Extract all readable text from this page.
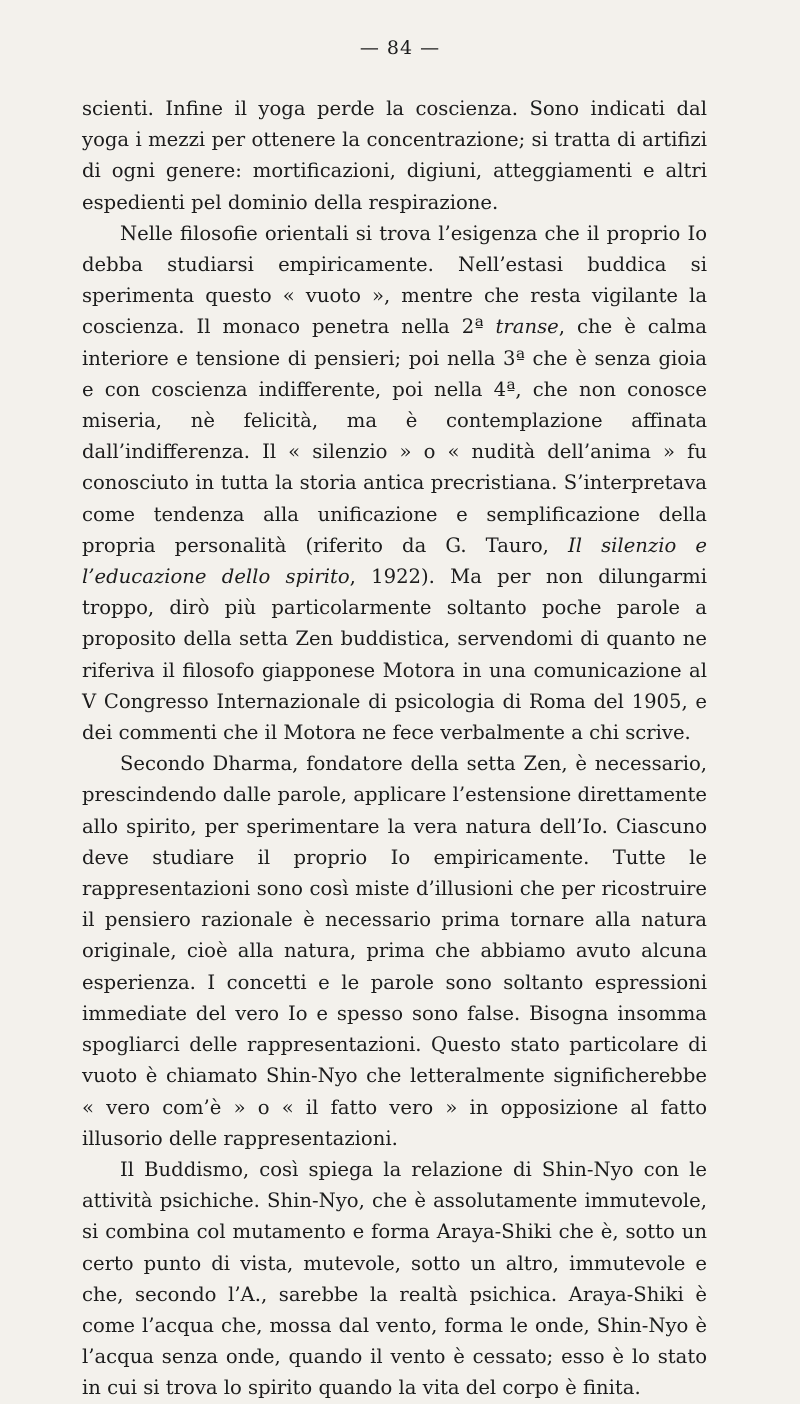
— 84 —

scienti. Infine il yoga perde la coscienza. Sono indicati dal yoga i mezzi per ottenere la concentrazione; si tratta di artifizi di ogni genere: mortificazioni, digiuni, atteggiamenti e altri espedienti pel dominio della respirazione.

Nelle filosofie orientali si trova l’esigenza che il proprio Io debba studiarsi empiricamente. Nell’estasi buddica si sperimenta questo « vuoto », mentre che resta vigilante la coscienza. Il monaco penetra nella 2ª transe, che è calma interiore e tensione di pensieri; poi nella 3ª che è senza gioia e con coscienza indifferente, poi nella 4ª, che non conosce miseria, nè felicità, ma è contemplazione affinata dall’indifferenza. Il « silenzio » o « nudità dell’anima » fu conosciuto in tutta la storia antica precristiana. S’interpretava come tendenza alla unificazione e semplificazione della propria personalità (riferito da G. Tauro, Il silenzio e l’educazione dello spirito, 1922). Ma per non dilungarmi troppo, dirò più particolarmente soltanto poche parole a proposito della setta Zen buddistica, servendomi di quanto ne riferiva il filosofo giapponese Motora in una comunicazione al V Congresso Internazionale di psicologia di Roma del 1905, e dei commenti che il Motora ne fece verbalmente a chi scrive.

Secondo Dharma, fondatore della setta Zen, è necessario, prescindendo dalle parole, applicare l’estensione direttamente allo spirito, per sperimentare la vera natura dell’Io. Ciascuno deve studiare il proprio Io empiricamente. Tutte le rappresentazioni sono così miste d’illusioni che per ricostruire il pensiero razionale è necessario prima tornare alla natura originale, cioè alla natura, prima che abbiamo avuto alcuna esperienza. I concetti e le parole sono soltanto espressioni immediate del vero Io e spesso sono false. Bisogna insomma spogliarci delle rappresentazioni. Questo stato particolare di vuoto è chiamato Shin-Nyo che letteralmente significherebbe « vero com’è » o « il fatto vero » in opposizione al fatto illusorio delle rappresentazioni.

Il Buddismo, così spiega la relazione di Shin-Nyo con le attività psichiche. Shin-Nyo, che è assolutamente immutevole, si combina col mutamento e forma Araya-Shiki che è, sotto un certo punto di vista, mutevole, sotto un altro, immutevole e che, secondo l’A., sarebbe la realtà psichica. Araya-Shiki è come l’acqua che, mossa dal vento, forma le onde, Shin-Nyo è l’acqua senza onde, quando il vento è cessato; esso è lo stato in cui si trova lo spirito quando la vita del corpo è finita.
